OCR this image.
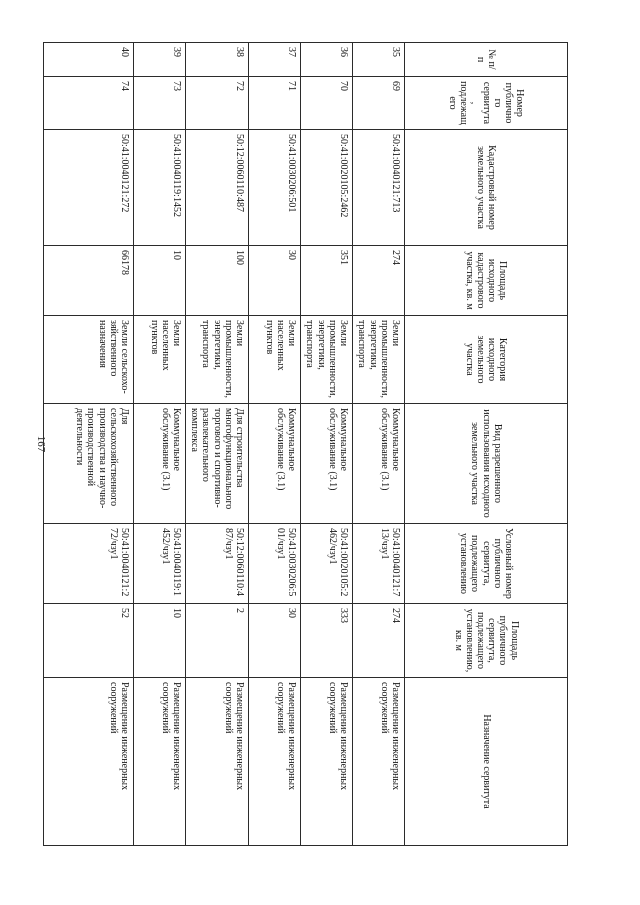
167
№ п/п	Номер публичного сервитута, подлежащего	Кадастровый номер земельного участка	Площадь исходного кадастрового участка, кв. м	Категория исходного земельного участка	Вид разрешенного использования исходного земельного участка	Условный номер публичного сервитута, подлежащего установлению	Площадь публичного сервитута, подлежащего установлению, кв. м	Назначение сервитута
35	69	50:41:0040121:713	274	Земли промышленности, энергетики, транспорта	Коммунальное обслуживание (3.1)	50:41:0040121:713/чзу1	274	Размещение инженерных сооружений
36	70	50:41:0020105:2462	351	Земли промышленности, энергетики, транспорта	Коммунальное обслуживание (3.1)	50:41:0020105:2462/чзу1	333	Размещение инженерных сооружений
37	71	50:41:0030206:501	30	Земли населенных пунктов	Коммунальное обслуживание (3.1)	50:41:0030206:501/чзу1	30	Размещение инженерных сооружений
38	72	50:12:0060110:487	100	Земли промышленности, энергетики, транспорта	Для строительства многофункционального торгового и спортивно-развлекательного комплекса	50:12:0060110:487/чзу1	2	Размещение инженерных сооружений
39	73	50:41:0040119:1452	10	Земли населенных пунктов	Коммунальное обслуживание (3.1)	50:41:0040119:1452/чзу1	10	Размещение инженерных сооружений
40	74	50:41:0040121:272	66178	Земли сельскохо-зяйственного назначения	Для сельскохозяйственного производства и научно-производственной деятельности	50:41:0040121:272/чзу1	52	Размещение инженерных сооружений
